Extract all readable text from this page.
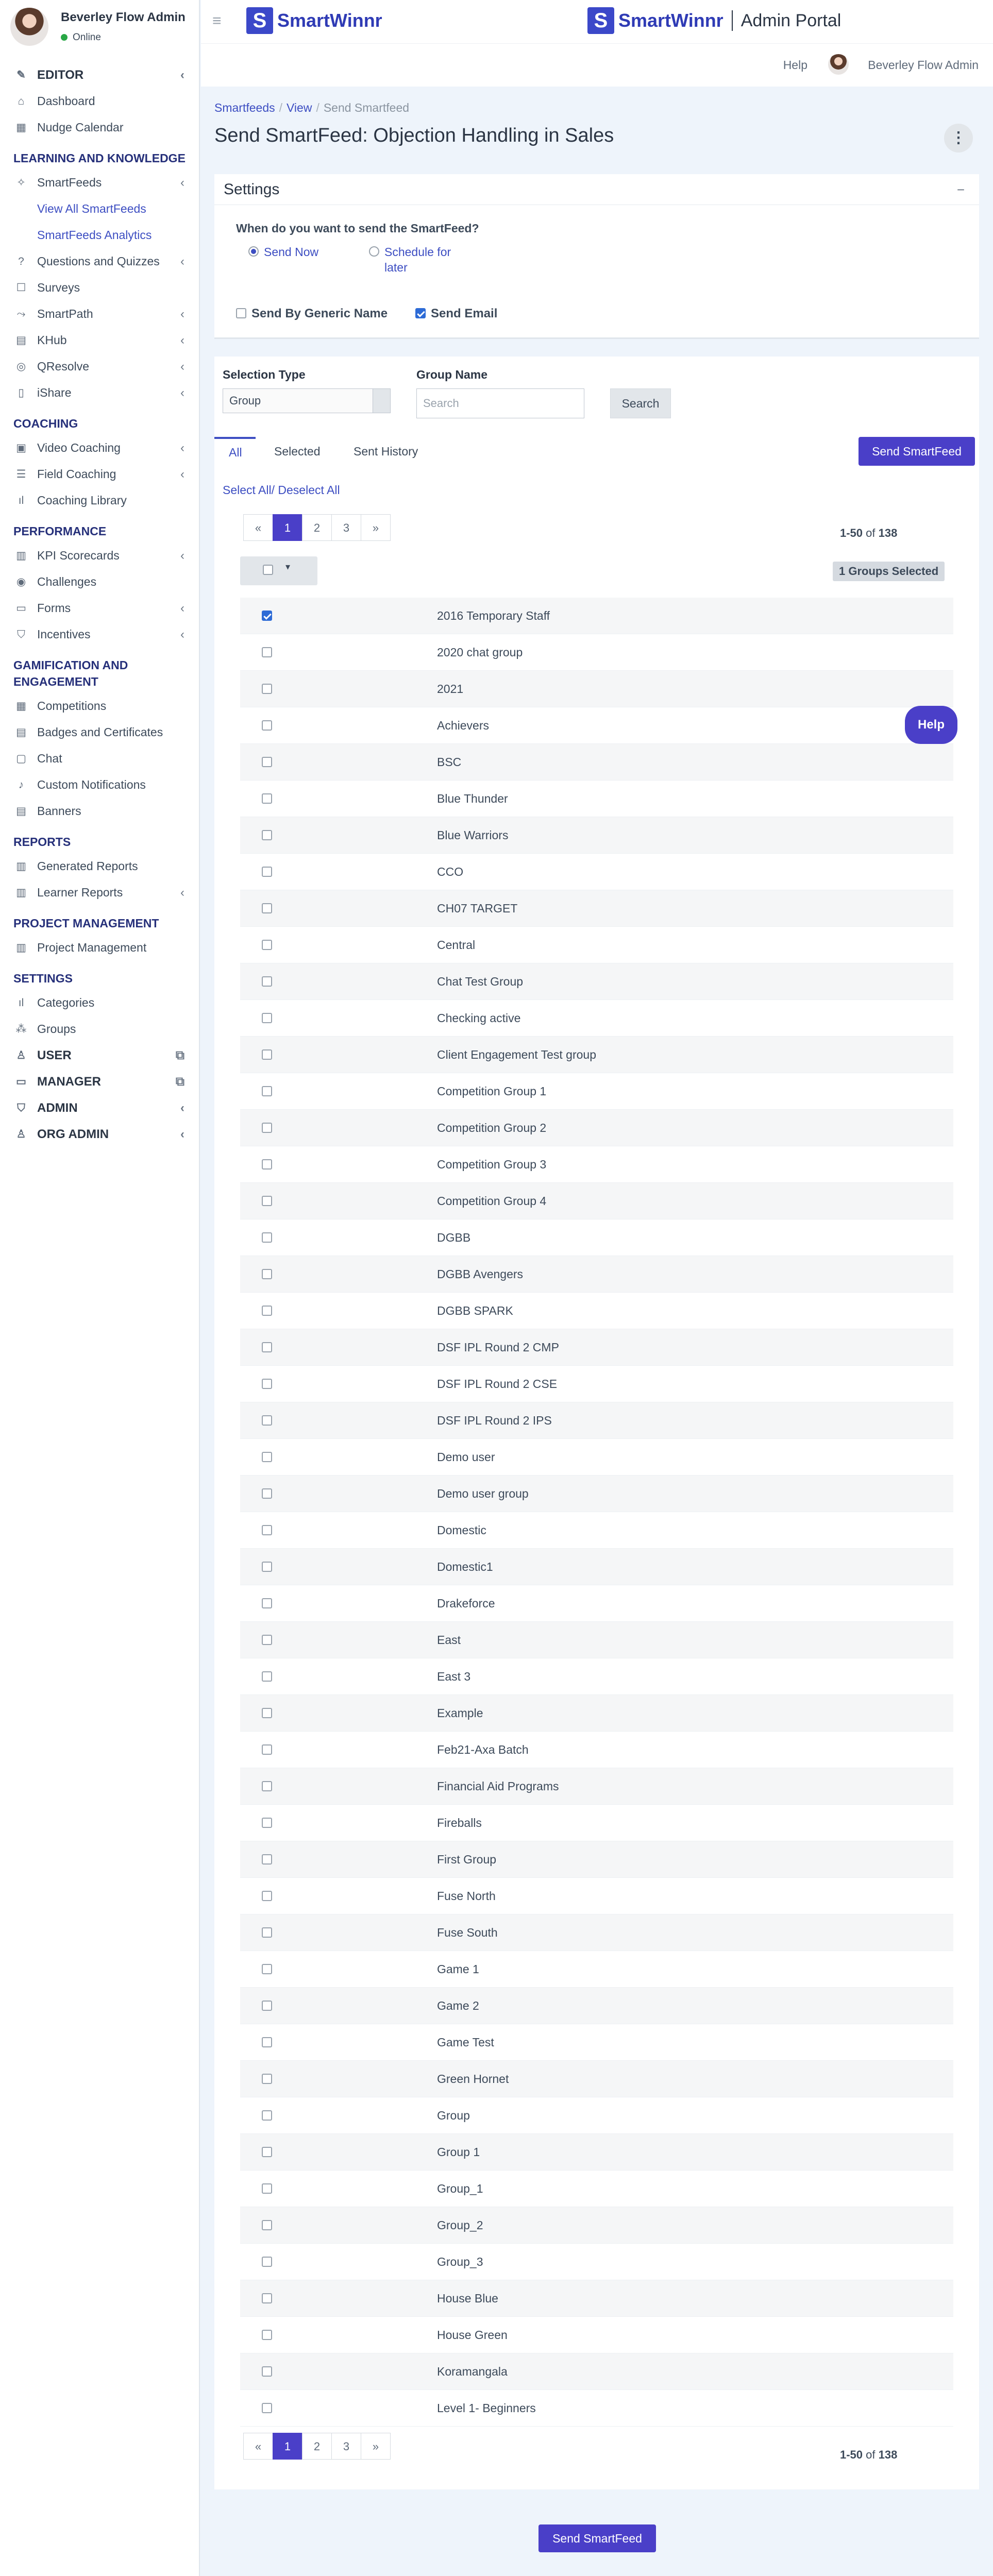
Beverley Flow Admin
Online
✎ EDITOR	‹
⌂	Dashboard
▦ Nudge Calendar
LEARNING AND KNOWLEDGE
✧ SmartFeeds	‹
View All SmartFeeds
SmartFeeds Analytics
?	Questions and Quizzes ‹
☐ Surveys
⤳ SmartPath	‹
▤ KHub	‹
◎ QResolve	‹
▯	iShare	‹
COACHING
▣ Video Coaching	‹
☰ Field Coaching	‹
ıl	Coaching Library
PERFORMANCE
▥ KPI Scorecards	‹
◉ Challenges
▭ Forms	‹
⛉	Incentives	‹
GAMIFICATION AND
ENGAGEMENT
▦ Competitions
▤ Badges and Certificates
▢ Chat
♪	Custom Notifications
▤ Banners
REPORTS
▥ Generated Reports
▥ Learner Reports	‹
PROJECT MANAGEMENT
▥ Project Management
SETTINGS
ıl	Categories
⁂ Groups
♙ USER	⧉
▭ MANAGER	⧉
⛉ ADMIN	‹
♙ ORG ADMIN	‹
≡	S SmartWinnr	S SmartWinnr	Admin Portal
Help	Beverley Flow Admin
Smartfeeds / View / Send Smartfeed
Send SmartFeed: Objection Handling in Sales	⋮
Settings	−
When do you want to send the SmartFeed?
Send Now	Schedule for
later
Send By Generic Name	Send Email
Selection Type
Group
Group Name
Search	Search
All	Selected	Sent History	Send SmartFeed
Select All/ Deselect All
«	1	2	3	»	1-50 of 138
▾	1 Groups Selected
2016 Temporary Staff
2020 chat group
2021
Achievers
BSC
Blue Thunder
Blue Warriors
CCO
CH07 TARGET
Central
Chat Test Group
Checking active
Client Engagement Test group
Competition Group 1
Competition Group 2
Competition Group 3
Competition Group 4
DGBB
DGBB Avengers
DGBB SPARK
DSF IPL Round 2 CMP
DSF IPL Round 2 CSE
DSF IPL Round 2 IPS
Demo user
Demo user group
Domestic
Domestic1
Drakeforce
East
East 3
Example
Feb21-Axa Batch
Financial Aid Programs
Fireballs
First Group
Fuse North
Fuse South
Game 1
Game 2
Game Test
Green Hornet
Group
Group 1
Group_1
Group_2
Group_3
House Blue
House Green
Koramangala
Level 1- Beginners
«	1	2	3	»
1-50 of 138
Help
Send SmartFeed
